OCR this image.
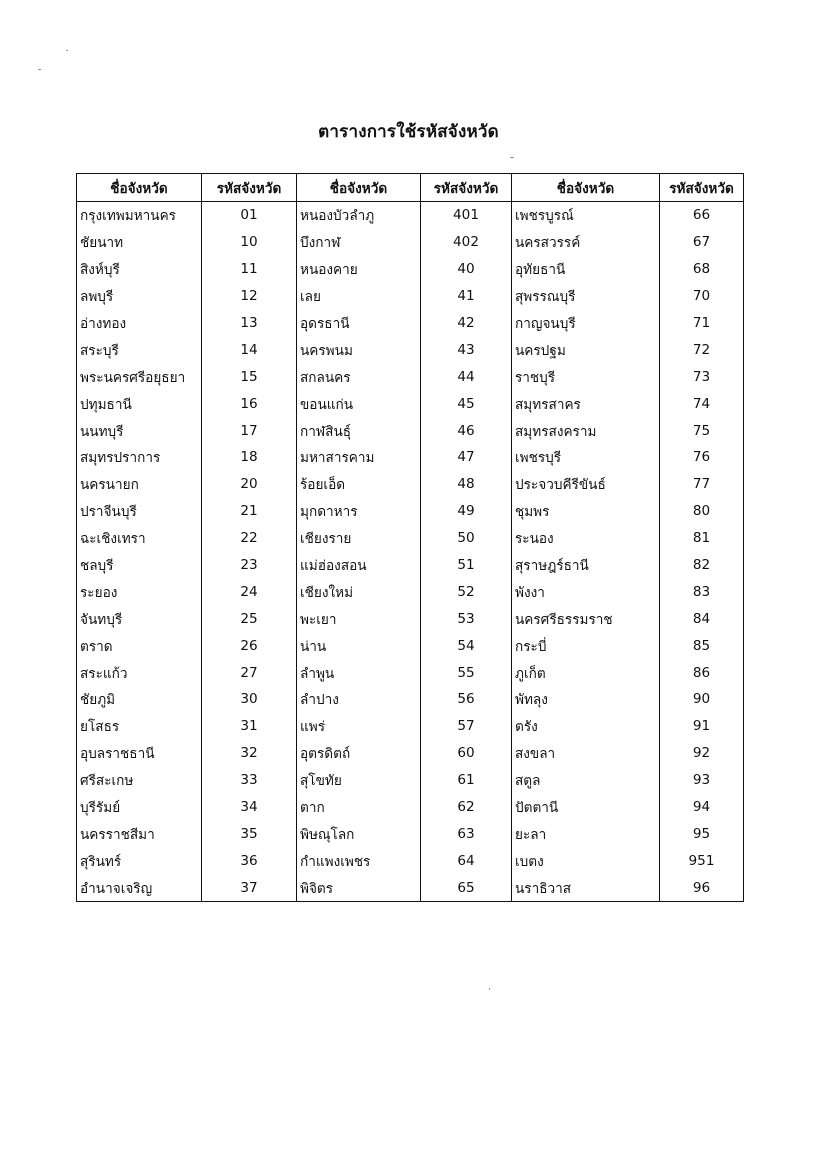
ตารางการใช้รหัสจังหวัด
ชื่อจังหวัด	รหัสจังหวัด	ชื่อจังหวัด	รหัสจังหวัด	ชื่อจังหวัด	รหัสจังหวัด
กรุงเทพมหานคร	01	หนองบัวลำภู	401	เพชรบูรณ์	66
ชัยนาท	10	บึงกาฬ	402	นครสวรรค์	67
สิงห์บุรี	11	หนองคาย	40	อุทัยธานี	68
ลพบุรี	12	เลย	41	สุพรรณบุรี	70
อ่างทอง	13	อุดรธานี	42	กาญจนบุรี	71
สระบุรี	14	นครพนม	43	นครปฐม	72
พระนครศรีอยุธยา	15	สกลนคร	44	ราชบุรี	73
ปทุมธานี	16	ขอนแก่น	45	สมุทรสาคร	74
นนทบุรี	17	กาฬสินธุ์	46	สมุทรสงคราม	75
สมุทรปราการ	18	มหาสารคาม	47	เพชรบุรี	76
นครนายก	20	ร้อยเอ็ด	48	ประจวบคีรีขันธ์	77
ปราจีนบุรี	21	มุกดาหาร	49	ชุมพร	80
ฉะเชิงเทรา	22	เชียงราย	50	ระนอง	81
ชลบุรี	23	แม่ฮ่องสอน	51	สุราษฎร์ธานี	82
ระยอง	24	เชียงใหม่	52	พังงา	83
จันทบุรี	25	พะเยา	53	นครศรีธรรมราช	84
ตราด	26	น่าน	54	กระบี่	85
สระแก้ว	27	ลำพูน	55	ภูเก็ต	86
ชัยภูมิ	30	ลำปาง	56	พัทลุง	90
ยโสธร	31	แพร่	57	ตรัง	91
อุบลราชธานี	32	อุตรดิตถ์	60	สงขลา	92
ศรีสะเกษ	33	สุโขทัย	61	สตูล	93
บุรีรัมย์	34	ตาก	62	ปัตตานี	94
นครราชสีมา	35	พิษณุโลก	63	ยะลา	95
สุรินทร์	36	กำแพงเพชร	64	เบตง	951
อำนาจเจริญ	37	พิจิตร	65	นราธิวาส	96
